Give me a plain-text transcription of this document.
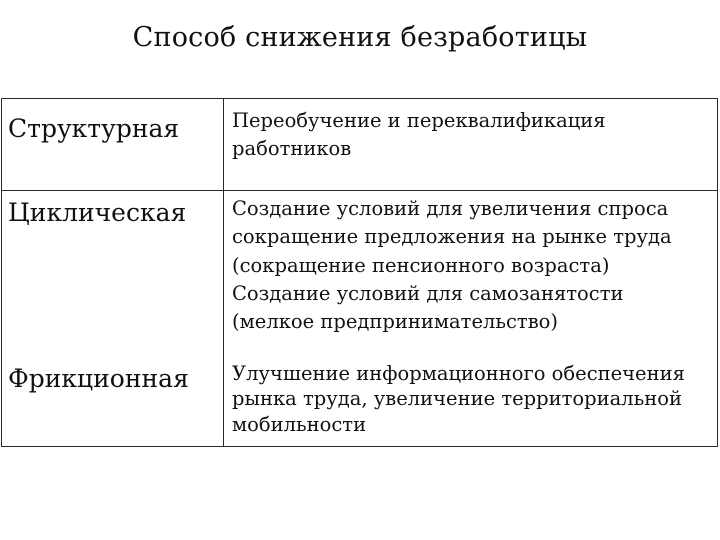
Способ снижения безработицы
Структурная	Переобучение и переквалификация
работников

Циклическая	Создание условий для увеличения спроса
сокращение предложения на рынке труда
(сокращение пенсионного возраста)
Создание условий для самозанятости
(мелкое предпринимательство)

Фрикционная	Улучшение информационного обеспечения
рынка труда, увеличение территориальной
мобильности
